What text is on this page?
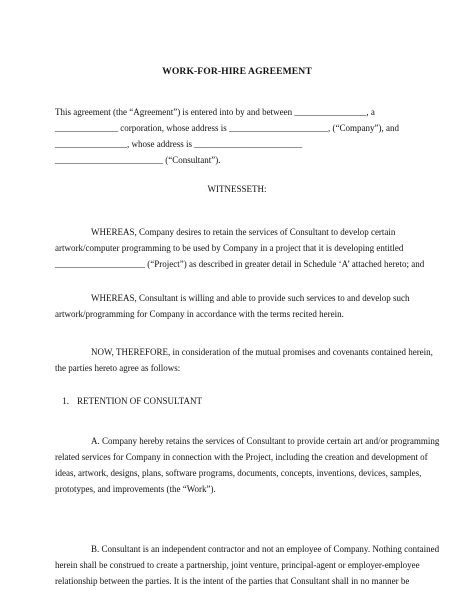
WORK-FOR-HIRE AGREEMENT
This agreement (the “Agreement”) is entered into by and between ________________, a
______________ corporation, whose address is ______________________, (“Company”), and
________________, whose address is ________________________
________________________ (“Consultant”).
WITNESSETH:
WHEREAS, Company desires to retain the services of Consultant to develop certain
artwork/computer programming to be used by Company in a project that it is developing entitled
____________________ (“Project”) as described in greater detail in Schedule ‘A’ attached hereto; and
WHEREAS, Consultant is willing and able to provide such services to and develop such
artwork/programming for Company in accordance with the terms recited herein.
NOW, THEREFORE, in consideration of the mutual promises and covenants contained herein,
the parties hereto agree as follows:
1. RETENTION OF CONSULTANT
A. Company hereby retains the services of Consultant to provide certain art and/or programming
related services for Company in connection with the Project, including the creation and development of
ideas, artwork, designs, plans, software programs, documents, concepts, inventions, devices, samples,
prototypes, and improvements (the “Work”).
B. Consultant is an independent contractor and not an employee of Company. Nothing contained
herein shall be construed to create a partnership, joint venture, principal-agent or employer-employee
relationship between the parties. It is the intent of the parties that Consultant shall in no manner be
